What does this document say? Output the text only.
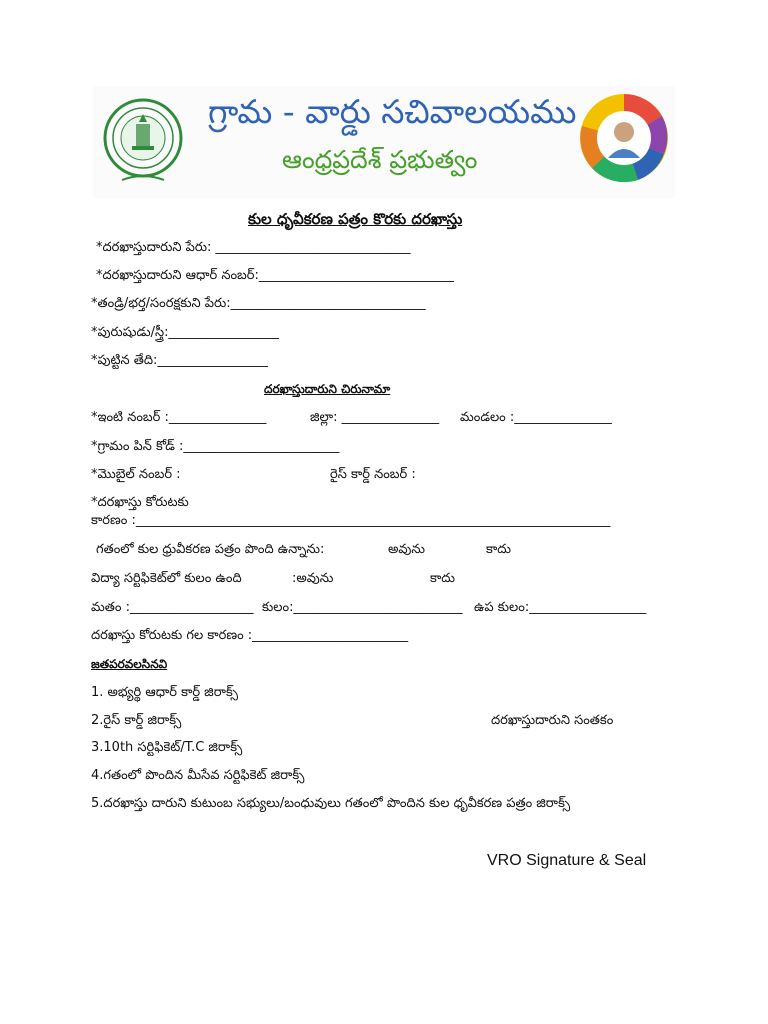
గ్రామ - వార్డు సచివాలయము
ఆంధ్రప్రదేశ్ ప్రభుత్వం
కుల ధృవీకరణ పత్రం కొరకు దరఖాస్తు
*దరఖాస్తుదారుని పేరు: ______________________________
*దరఖాస్తుదారుని ఆధార్ నంబర్:______________________________
*తండ్రి/భర్త/సంరక్షకుని పేరు:______________________________
*పురుషుడు/స్త్రీ:_________________
*పుట్టిన తేది:_________________
దరఖాస్తుదారుని చిరునామా
*ఇంటి నంబర్ :_______________	జిల్లా: _______________ మండలం :_______________
*గ్రామం పిన్ కోడ్ :________________________
*మొబైల్ నంబర్ :	రైస్ కార్డ్ నంబర్ :
*దరఖాస్తు కోరుటకు
కారణం :_________________________________________________________________________
గతంలో కుల ధ్రువీకరణ పత్రం పొంది ఉన్నాను:	అవును	కాదు
విద్యా సర్టిఫికెట్‌లో కులం ఉంది	:అవును	కాదు
మతం :___________________ కులం:__________________________ ఉప కులం:__________________
దరఖాస్తు కోరుటకు గల కారణం :________________________
జతపరవలసినవి
1. అభ్యర్థి ఆధార్ కార్డ్ జిరాక్స్
2.రైస్ కార్డ్ జిరాక్స్	దరఖాస్తుదారుని సంతకం
3.10th సర్టిఫికెట్/T.C జిరాక్స్
4.గతంలో పొందిన మీసేవ సర్టిఫికెట్ జిరాక్స్
5.దరఖాస్తు దారుని కుటుంబ సభ్యులు/బంధువులు గతంలో పొందిన కుల ధృవీకరణ పత్రం జిరాక్స్
VRO Signature & Seal
